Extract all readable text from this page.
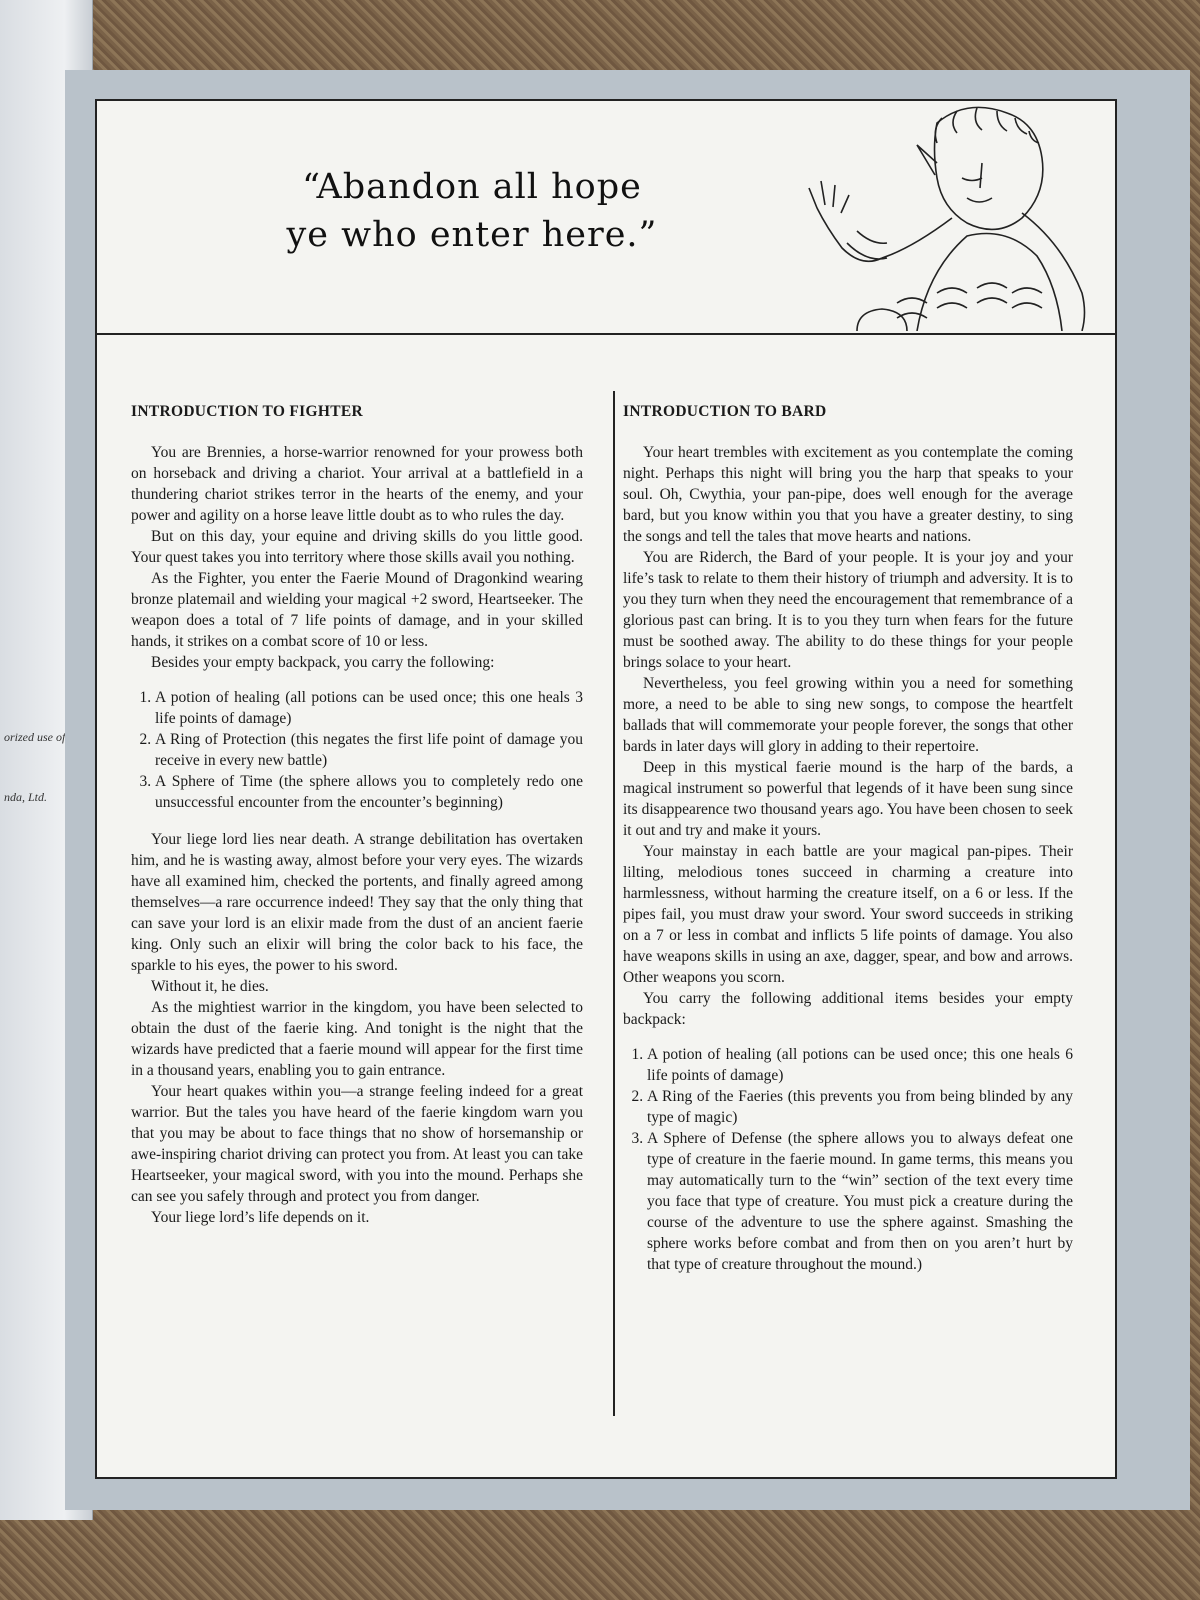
orized use of
nda, Ltd.
“Abandon all hope
ye who enter here.”
INTRODUCTION TO FIGHTER

You are Brennies, a horse-warrior renowned for your prowess both on horseback and driving a chariot. Your arrival at a battlefield in a thundering chariot strikes terror in the hearts of the enemy, and your power and agility on a horse leave little doubt as to who rules the day.

But on this day, your equine and driving skills do you little good. Your quest takes you into territory where those skills avail you nothing.

As the Fighter, you enter the Faerie Mound of Dragonkind wearing bronze platemail and wielding your magical +2 sword, Heartseeker. The weapon does a total of 7 life points of damage, and in your skilled hands, it strikes on a combat score of 10 or less.

Besides your empty backpack, you carry the following:

1. A potion of healing (all potions can be used once; this one heals 3 life points of damage)
2. A Ring of Protection (this negates the first life point of damage you receive in every new battle)
3. A Sphere of Time (the sphere allows you to completely redo one unsuccessful encounter from the encounter’s beginning)

Your liege lord lies near death. A strange debilitation has overtaken him, and he is wasting away, almost before your very eyes. The wizards have all examined him, checked the portents, and finally agreed among themselves—a rare occurrence indeed! They say that the only thing that can save your lord is an elixir made from the dust of an ancient faerie king. Only such an elixir will bring the color back to his face, the sparkle to his eyes, the power to his sword.

Without it, he dies.

As the mightiest warrior in the kingdom, you have been selected to obtain the dust of the faerie king. And tonight is the night that the wizards have predicted that a faerie mound will appear for the first time in a thousand years, enabling you to gain entrance.

Your heart quakes within you—a strange feeling indeed for a great warrior. But the tales you have heard of the faerie kingdom warn you that you may be about to face things that no show of horsemanship or awe-inspiring chariot driving can protect you from. At least you can take Heartseeker, your magical sword, with you into the mound. Perhaps she can see you safely through and protect you from danger.

Your liege lord’s life depends on it.

INTRODUCTION TO BARD

Your heart trembles with excitement as you contemplate the coming night. Perhaps this night will bring you the harp that speaks to your soul. Oh, Cwythia, your pan-pipe, does well enough for the average bard, but you know within you that you have a greater destiny, to sing the songs and tell the tales that move hearts and nations.

You are Riderch, the Bard of your people. It is your joy and your life’s task to relate to them their history of triumph and adversity. It is to you they turn when they need the encouragement that remembrance of a glorious past can bring. It is to you they turn when fears for the future must be soothed away. The ability to do these things for your people brings solace to your heart.

Nevertheless, you feel growing within you a need for something more, a need to be able to sing new songs, to compose the heartfelt ballads that will commemorate your people forever, the songs that other bards in later days will glory in adding to their repertoire.

Deep in this mystical faerie mound is the harp of the bards, a magical instrument so powerful that legends of it have been sung since its disappearence two thousand years ago. You have been chosen to seek it out and try and make it yours.

Your mainstay in each battle are your magical pan-pipes. Their lilting, melodious tones succeed in charming a creature into harmlessness, without harming the creature itself, on a 6 or less. If the pipes fail, you must draw your sword. Your sword succeeds in striking on a 7 or less in combat and inflicts 5 life points of damage. You also have weapons skills in using an axe, dagger, spear, and bow and arrows. Other weapons you scorn.

You carry the following additional items besides your empty backpack:

1. A potion of healing (all potions can be used once; this one heals 6 life points of damage)
2. A Ring of the Faeries (this prevents you from being blinded by any type of magic)
3. A Sphere of Defense (the sphere allows you to always defeat one type of creature in the faerie mound. In game terms, this means you may automatically turn to the “win” section of the text every time you face that type of creature. You must pick a creature during the course of the adventure to use the sphere against. Smashing the sphere works before combat and from then on you aren’t hurt by that type of creature throughout the mound.)
